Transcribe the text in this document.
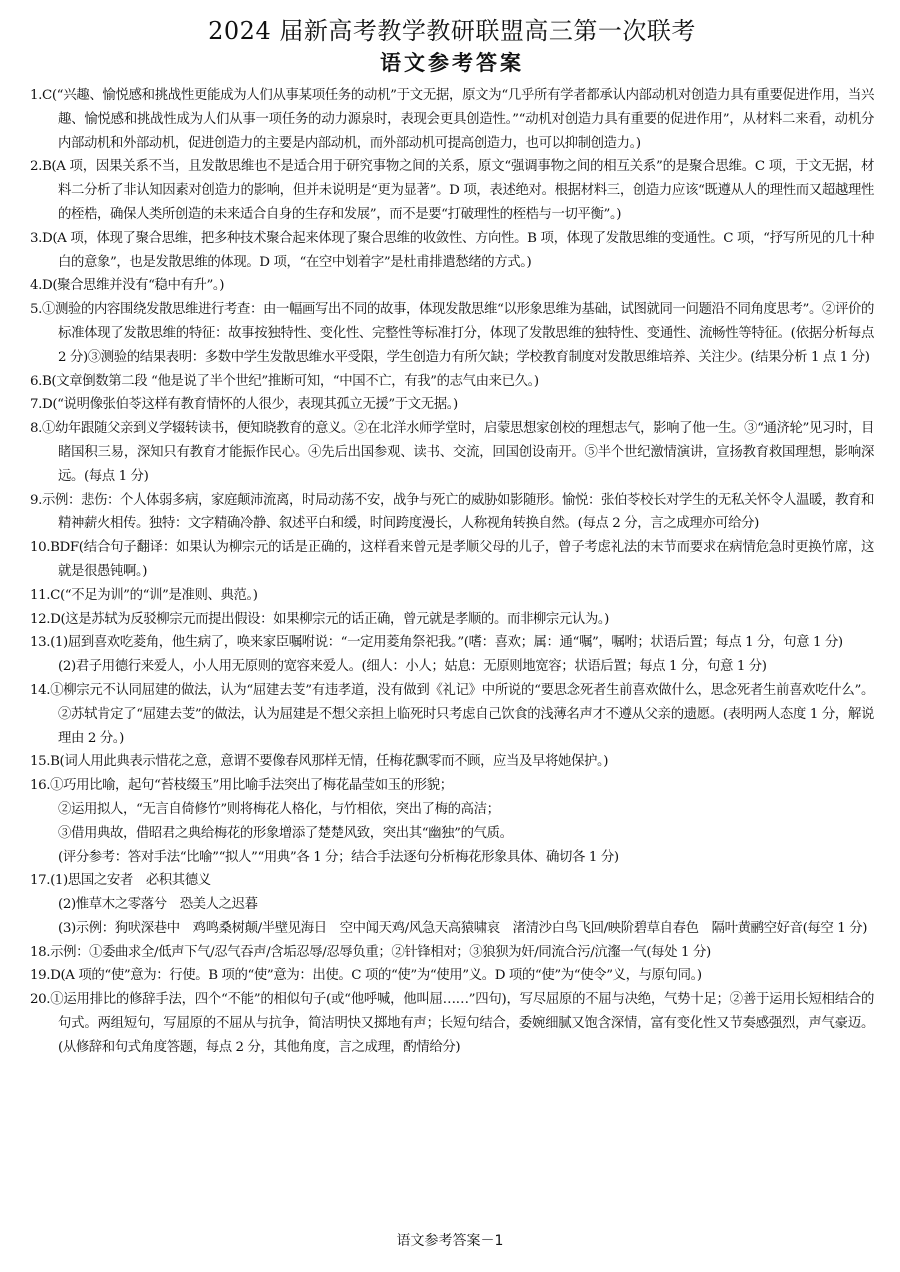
2024 届新高考教学教研联盟高三第一次联考
语文参考答案
1.C(“兴趣、愉悦感和挑战性更能成为人们从事某项任务的动机”于文无据，原文为“几乎所有学者都承认内部动机对创造力具有重要促进作用，当兴趣、愉悦感和挑战性成为人们从事一项任务的动力源泉时，表现会更具创造性。”“动机对创造力具有重要的促进作用”，从材料二来看，动机分内部动机和外部动机，促进创造力的主要是内部动机，而外部动机可提高创造力，也可以抑制创造力。)
2.B(A 项，因果关系不当，且发散思维也不是适合用于研究事物之间的关系，原文“强调事物之间的相互关系”的是聚合思维。C 项，于文无据，材料二分析了非认知因素对创造力的影响，但并未说明是“更为显著”。D 项，表述绝对。根据材料三，创造力应该“既遵从人的理性而又超越理性的桎梏，确保人类所创造的未来适合自身的生存和发展”，而不是要“打破理性的桎梏与一切平衡”。)
3.D(A 项，体现了聚合思维，把多种技术聚合起来体现了聚合思维的收敛性、方向性。B 项，体现了发散思维的变通性。C 项，“抒写所见的几十种白的意象”，也是发散思维的体现。D 项，“在空中划着字”是杜甫排遣愁绪的方式。)
4.D(聚合思维并没有“稳中有升”。)
5.①测验的内容围绕发散思维进行考查：由一幅画写出不同的故事，体现发散思维“以形象思维为基础，试图就同一问题沿不同角度思考”。②评价的标准体现了发散思维的特征：故事按独特性、变化性、完整性等标准打分，体现了发散思维的独特性、变通性、流畅性等特征。(依据分析每点 2 分)③测验的结果表明：多数中学生发散思维水平受限，学生创造力有所欠缺；学校教育制度对发散思维培养、关注少。(结果分析 1 点 1 分)
6.B(文章倒数第二段 “他是说了半个世纪”推断可知，“中国不亡，有我”的志气由来已久。)
7.D(“说明像张伯苓这样有教育情怀的人很少，表现其孤立无援”于文无据。)
8.①幼年跟随父亲到义学辍转读书，便知晓教育的意义。②在北洋水师学堂时，启蒙思想家创校的理想志气，影响了他一生。③“通济轮”见习时，目睹国积三易，深知只有教育才能振作民心。④先后出国参观、读书、交流，回国创设南开。⑤半个世纪激情演讲，宣扬教育救国理想，影响深远。(每点 1 分)
9.示例：悲伤：个人体弱多病，家庭颠沛流离，时局动荡不安，战争与死亡的威胁如影随形。愉悦：张伯苓校长对学生的无私关怀令人温暖，教育和精神薪火相传。独特：文字精确冷静、叙述平白和缓，时间跨度漫长，人称视角转换自然。(每点 2 分，言之成理亦可给分)
10.BDF(结合句子翻译：如果认为柳宗元的话是正确的，这样看来曾元是孝顺父母的儿子，曾子考虑礼法的末节而要求在病情危急时更换竹席，这就是很愚钝啊。)
11.C(“不足为训”的“训”是准则、典范。)
12.D(这是苏轼为反驳柳宗元而提出假设：如果柳宗元的话正确，曾元就是孝顺的。而非柳宗元认为。)
13.(1)屈到喜欢吃菱角，他生病了，唤来家臣嘱咐说：“一定用菱角祭祀我。”(嗜：喜欢；属：通“嘱”，嘱咐；状语后置；每点 1 分，句意 1 分)
(2)君子用德行来爱人，小人用无原则的宽容来爱人。(细人：小人；姑息：无原则地宽容；状语后置；每点 1 分，句意 1 分)
14.①柳宗元不认同屈建的做法，认为“屈建去芰”有违孝道，没有做到《礼记》中所说的“要思念死者生前喜欢做什么，思念死者生前喜欢吃什么”。②苏轼肯定了“屈建去芰”的做法，认为屈建是不想父亲担上临死时只考虑自己饮食的浅薄名声才不遵从父亲的遗愿。(表明两人态度 1 分，解说理由 2 分。)
15.B(词人用此典表示惜花之意，意谓不要像春风那样无情，任梅花飘零而不顾，应当及早将她保护。)
16.①巧用比喻，起句“苔枝缀玉”用比喻手法突出了梅花晶莹如玉的形貌；
②运用拟人，“无言自倚修竹”则将梅花人格化，与竹相依，突出了梅的高洁；
③借用典故，借昭君之典给梅花的形象增添了楚楚风致，突出其“幽独”的气质。
(评分参考：答对手法“比喻”“拟人”“用典”各 1 分；结合手法逐句分析梅花形象具体、确切各 1 分)
17.(1)思国之安者　必积其德义
(2)惟草木之零落兮　恐美人之迟暮
(3)示例：狗吠深巷中　鸡鸣桑树颠/半壁见海日　空中闻天鸡/风急天高猿啸哀　渚清沙白鸟飞回/映阶碧草自春色　隔叶黄鹂空好音(每空 1 分)
18.示例：①委曲求全/低声下气/忍气吞声/含垢忍辱/忍辱负重；②针锋相对；③狼狈为奸/同流合污/沆瀣一气(每处 1 分)
19.D(A 项的“使”意为：行使。B 项的“使”意为：出使。C 项的“使”为“使用”义。D 项的“使”为“使令”义，与原句同。)
20.①运用排比的修辞手法，四个“不能”的相似句子(或“他呼喊，他叫屈……”四句)，写尽屈原的不屈与决绝，气势十足；②善于运用长短相结合的句式。两组短句，写屈原的不屈从与抗争，简洁明快又掷地有声；长短句结合，委婉细腻又饱含深情，富有变化性又节奏感强烈，声气豪迈。(从修辞和句式角度答题，每点 2 分，其他角度，言之成理，酌情给分)
语文参考答案－1
